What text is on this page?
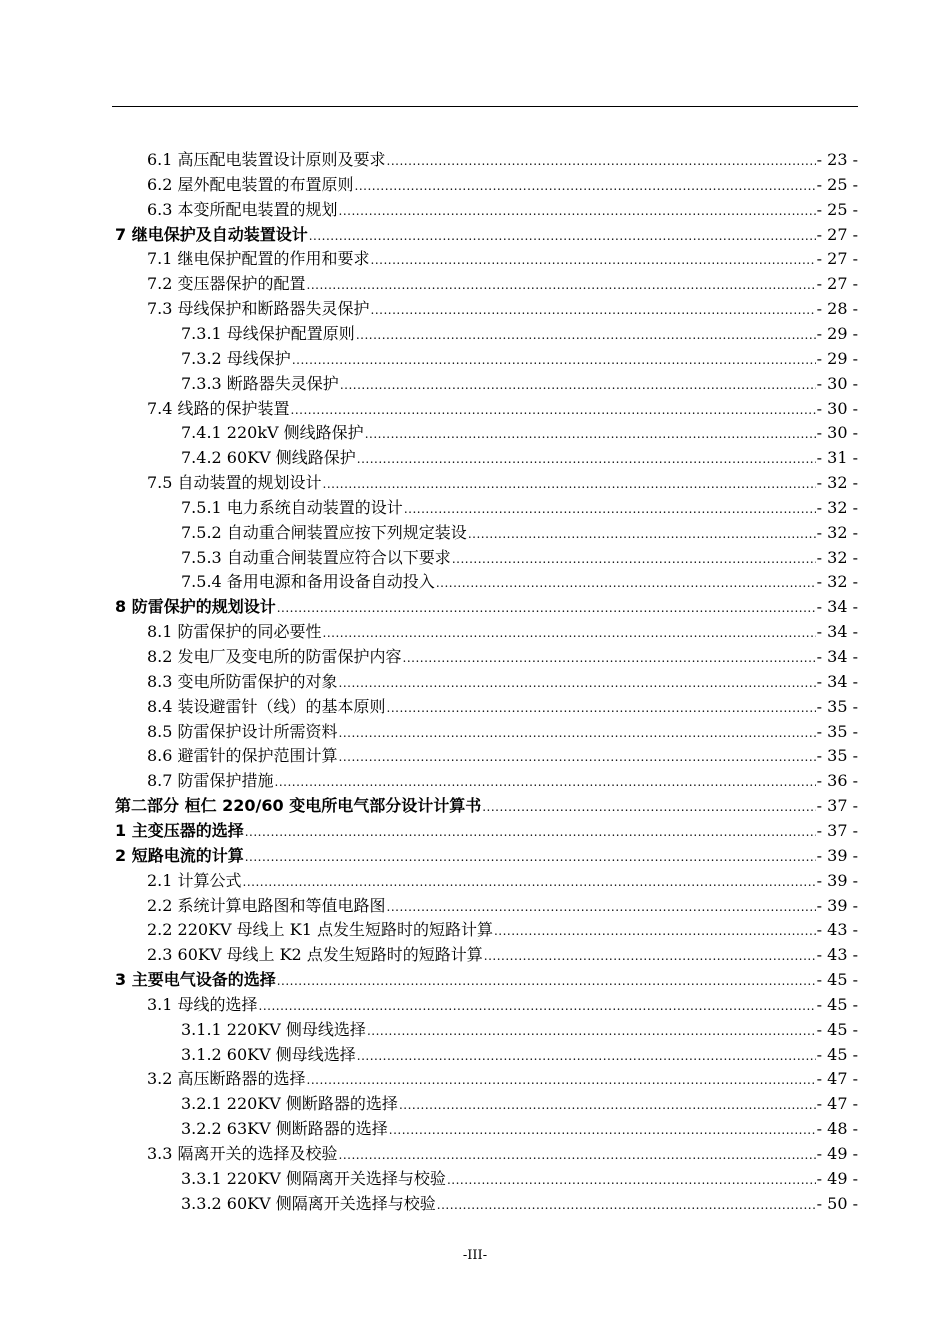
6.1 高压配电装置设计原则及要求 .....	- 23 -
6.2 屋外配电装置的布置原则 .....	- 25 -
6.3 本变所配电装置的规划 .....	- 25 -
7 继电保护及自动装置设计 .....	- 27 -
7.1 继电保护配置的作用和要求 .....	- 27 -
7.2 变压器保护的配置 .....	- 27 -
7.3 母线保护和断路器失灵保护 .....	- 28 -
7.3.1 母线保护配置原则 .....	- 29 -
7.3.2 母线保护 .....	- 29 -
7.3.3 断路器失灵保护 .....	- 30 -
7.4 线路的保护装置 .....	- 30 -
7.4.1 220kV 侧线路保护 .....	- 30 -
7.4.2 60KV 侧线路保护 .....	- 31 -
7.5 自动装置的规划设计 .....	- 32 -
7.5.1 电力系统自动装置的设计 .....	- 32 -
7.5.2 自动重合闸装置应按下列规定装设 .....	- 32 -
7.5.3 自动重合闸装置应符合以下要求 .....	- 32 -
7.5.4 备用电源和备用设备自动投入 .....	- 32 -
8 防雷保护的规划设计 .....	- 34 -
8.1 防雷保护的同必要性 .....	- 34 -
8.2 发电厂及变电所的防雷保护内容 .....	- 34 -
8.3 变电所防雷保护的对象 .....	- 34 -
8.4 装设避雷针（线）的基本原则 .....	- 35 -
8.5 防雷保护设计所需资料 .....	- 35 -
8.6 避雷针的保护范围计算 .....	- 35 -
8.7 防雷保护措施 .....	- 36 -
第二部分 桓仁 220/60 变电所电气部分设计计算书 .....	- 37 -
1 主变压器的选择 .....	- 37 -
2 短路电流的计算 .....	- 39 -
2.1 计算公式 .....	- 39 -
2.2 系统计算电路图和等值电路图 .....	- 39 -
2.2 220KV 母线上 K1 点发生短路时的短路计算 .....	- 43 -
2.3 60KV 母线上 K2 点发生短路时的短路计算 .....	- 43 -
3 主要电气设备的选择 .....	- 45 -
3.1 母线的选择 .....	- 45 -
3.1.1 220KV 侧母线选择 .....	- 45 -
3.1.2 60KV 侧母线选择 .....	- 45 -
3.2 高压断路器的选择 .....	- 47 -
3.2.1 220KV 侧断路器的选择 .....	- 47 -
3.2.2 63KV 侧断路器的选择 .....	- 48 -
3.3 隔离开关的选择及校验 .....	- 49 -
3.3.1 220KV 侧隔离开关选择与校验 .....	- 49 -
3.3.2 60KV 侧隔离开关选择与校验 .....	- 50 -
-III-
